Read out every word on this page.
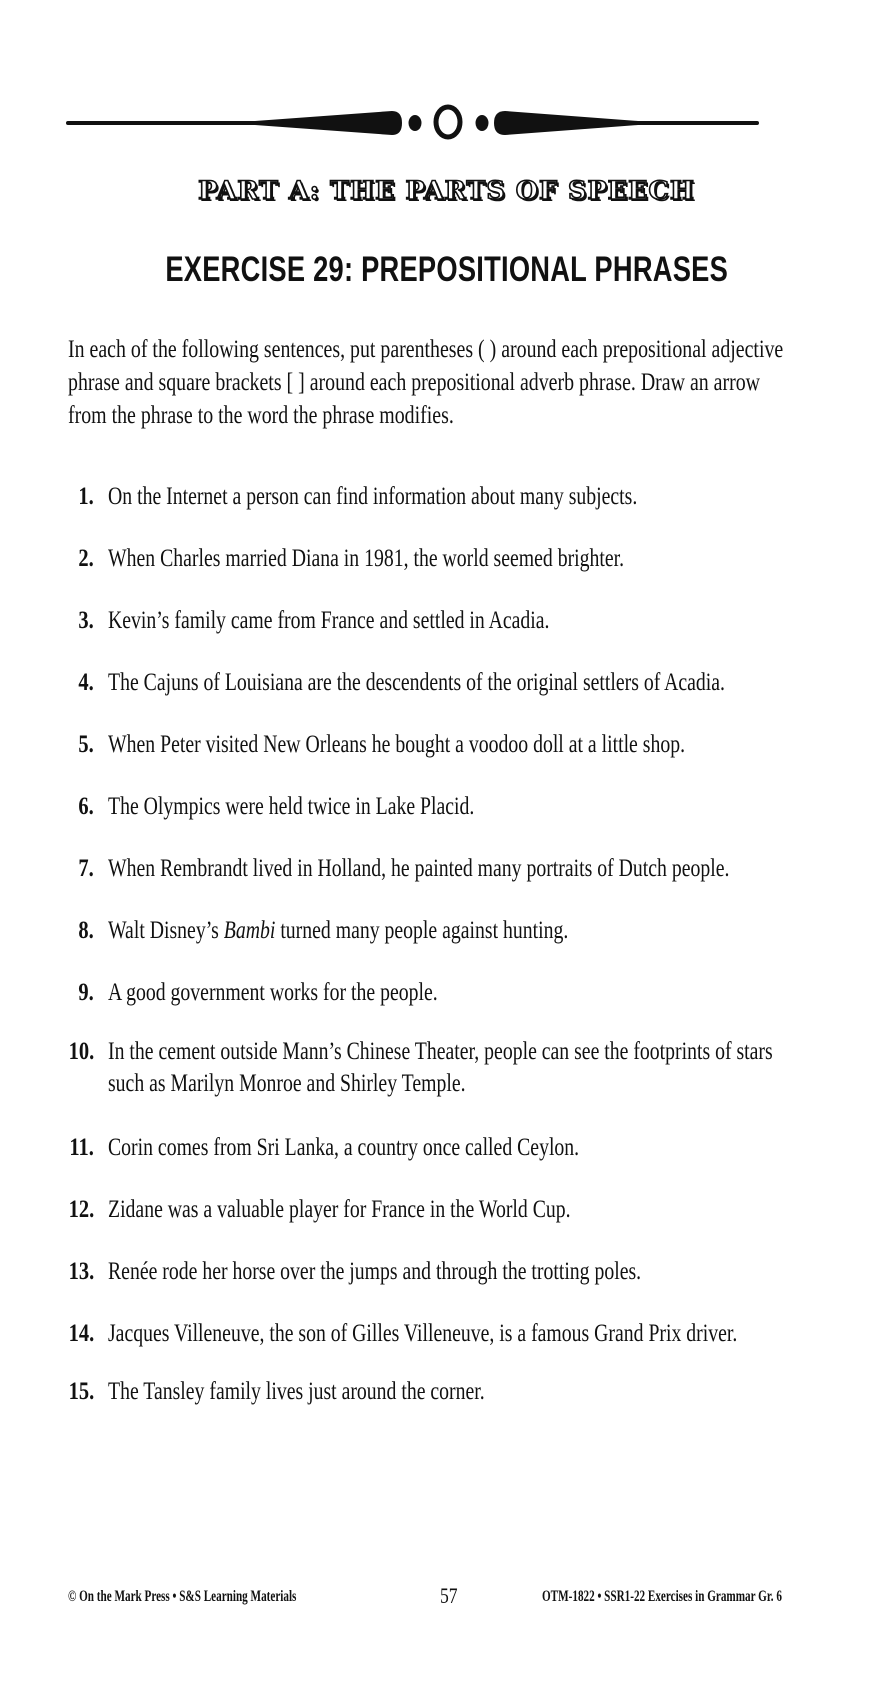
PART A: THE PARTS OF SPEECH
EXERCISE 29: PREPOSITIONAL PHRASES
In each of the following sentences, put parentheses ( ) around each prepositional adjective
phrase and square brackets [ ] around each prepositional adverb phrase. Draw an arrow
from the phrase to the word the phrase modifies.
1. On the Internet a person can find information about many subjects.
2. When Charles married Diana in 1981, the world seemed brighter.
3. Kevin’s family came from France and settled in Acadia.
4. The Cajuns of Louisiana are the descendents of the original settlers of Acadia.
5. When Peter visited New Orleans he bought a voodoo doll at a little shop.
6. The Olympics were held twice in Lake Placid.
7. When Rembrandt lived in Holland, he painted many portraits of Dutch people.
8. Walt Disney’s Bambi turned many people against hunting.
9. A good government works for the people.
10. In the cement outside Mann’s Chinese Theater, people can see the footprints of stars
such as Marilyn Monroe and Shirley Temple.
11. Corin comes from Sri Lanka, a country once called Ceylon.
12. Zidane was a valuable player for France in the World Cup.
13. Renée rode her horse over the jumps and through the trotting poles.
14. Jacques Villeneuve, the son of Gilles Villeneuve, is a famous Grand Prix driver.
15. The Tansley family lives just around the corner.
© On the Mark Press • S&S Learning Materials	57	OTM-1822 • SSR1-22 Exercises in Grammar Gr. 6
